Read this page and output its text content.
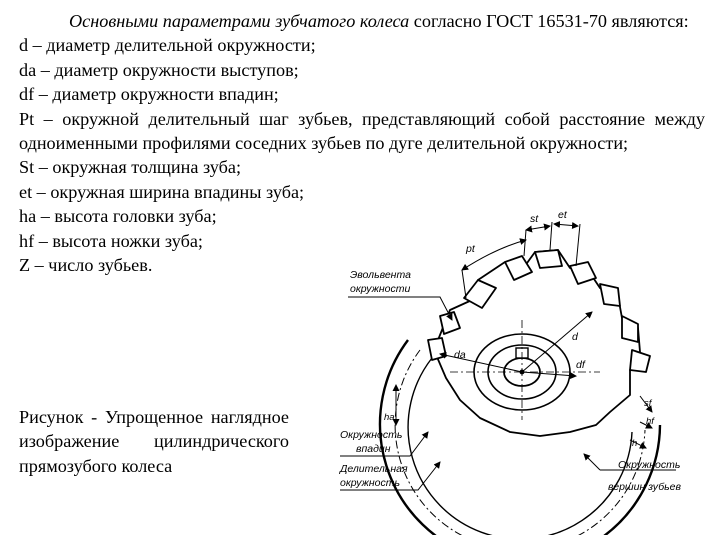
Основными параметрами зубчатого колеса согласно ГОСТ 16531-70 являются:

d – диаметр делительной окружности;

da – диаметр окружности выступов;

df – диаметр окружности впадин;

Pt – окружной делительный шаг зубьев, представляющий собой расстояние между одноименными профилями соседних зубьев по дуге делительной окружности;

St – окружная толщина зуба;

et – окружная ширина впадины зуба;

ha – высота головки зуба;

hf – высота ножки зуба;

Z – число зубьев.

Рисунок - Упрощенное наглядное изображение цилиндрического прямозубого колеса

Эвольвента
окружности
Окружность
впадин
Делительная
окружность
Окружность
вершин зубьев
pt
st et
d
da
df
sf
hf
h
ha
